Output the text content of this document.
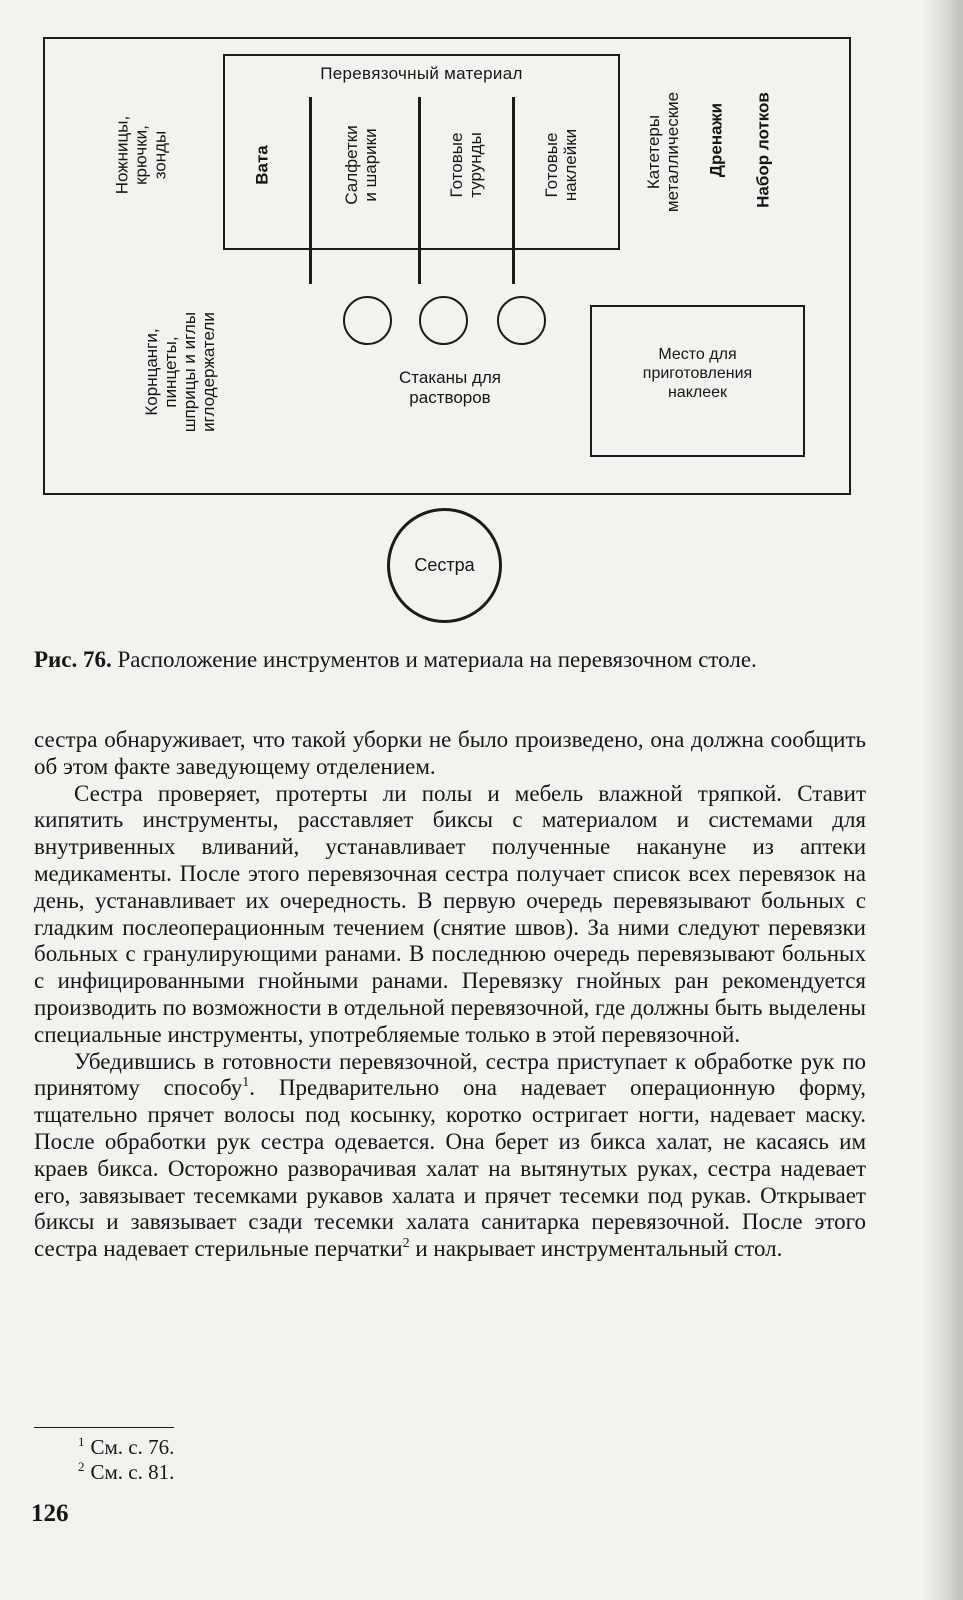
Ножницы, крючки, зонды
Корнцанги, пинцеты, шприцы и иглы иглодержатели
Перевязочный материал
Вата	Салфетки и шарики	Готовые турунды	Готовые наклейки	Катетеры металлические Дренажи Набор лотков
Стаканы для
растворов
Место для
приготовления
наклеек
Сестра
Рис. 76. Расположение инструментов и материала на перевязочном столе.

сестра обнаруживает, что такой уборки не было произведено, она должна сообщить об этом факте заведующему отделением.

Сестра проверяет, протерты ли полы и мебель влажной тряпкой. Ставит кипятить инструменты, расставляет биксы с материалом и системами для внутривенных вливаний, устанавливает полученные накануне из аптеки медикаменты. После этого перевязочная сестра получает список всех перевязок на день, устанавливает их очередность. В первую очередь перевязывают больных с гладким послеоперационным течением (снятие швов). За ними следуют перевязки больных с гранулирующими ранами. В последнюю очередь перевязывают больных с инфицированными гнойными ранами. Перевязку гнойных ран рекомендуется производить по возможности в отдельной перевязочной, где должны быть выделены специальные инструменты, употребляемые только в этой перевязочной.

Убедившись в готовности перевязочной, сестра приступает к обработке рук по принятому способу$^1$. Предварительно она надевает операционную форму, тщательно прячет волосы под косынку, коротко остригает ногти, надевает маску. После обработки рук сестра одевается. Она берет из бикса халат, не касаясь им краев бикса. Осторожно разворачивая халат на вытянутых руках, сестра надевает его, завязывает тесемками рукавов халата и прячет тесемки под рукав. Открывает биксы и завязывает сзади тесемки халата санитарка перевязочной. После этого сестра надевает стерильные перчатки$^2$ и накрывает инструментальный стол.

$^1$ См. с. 76.
$^2$ См. с. 81.
126
